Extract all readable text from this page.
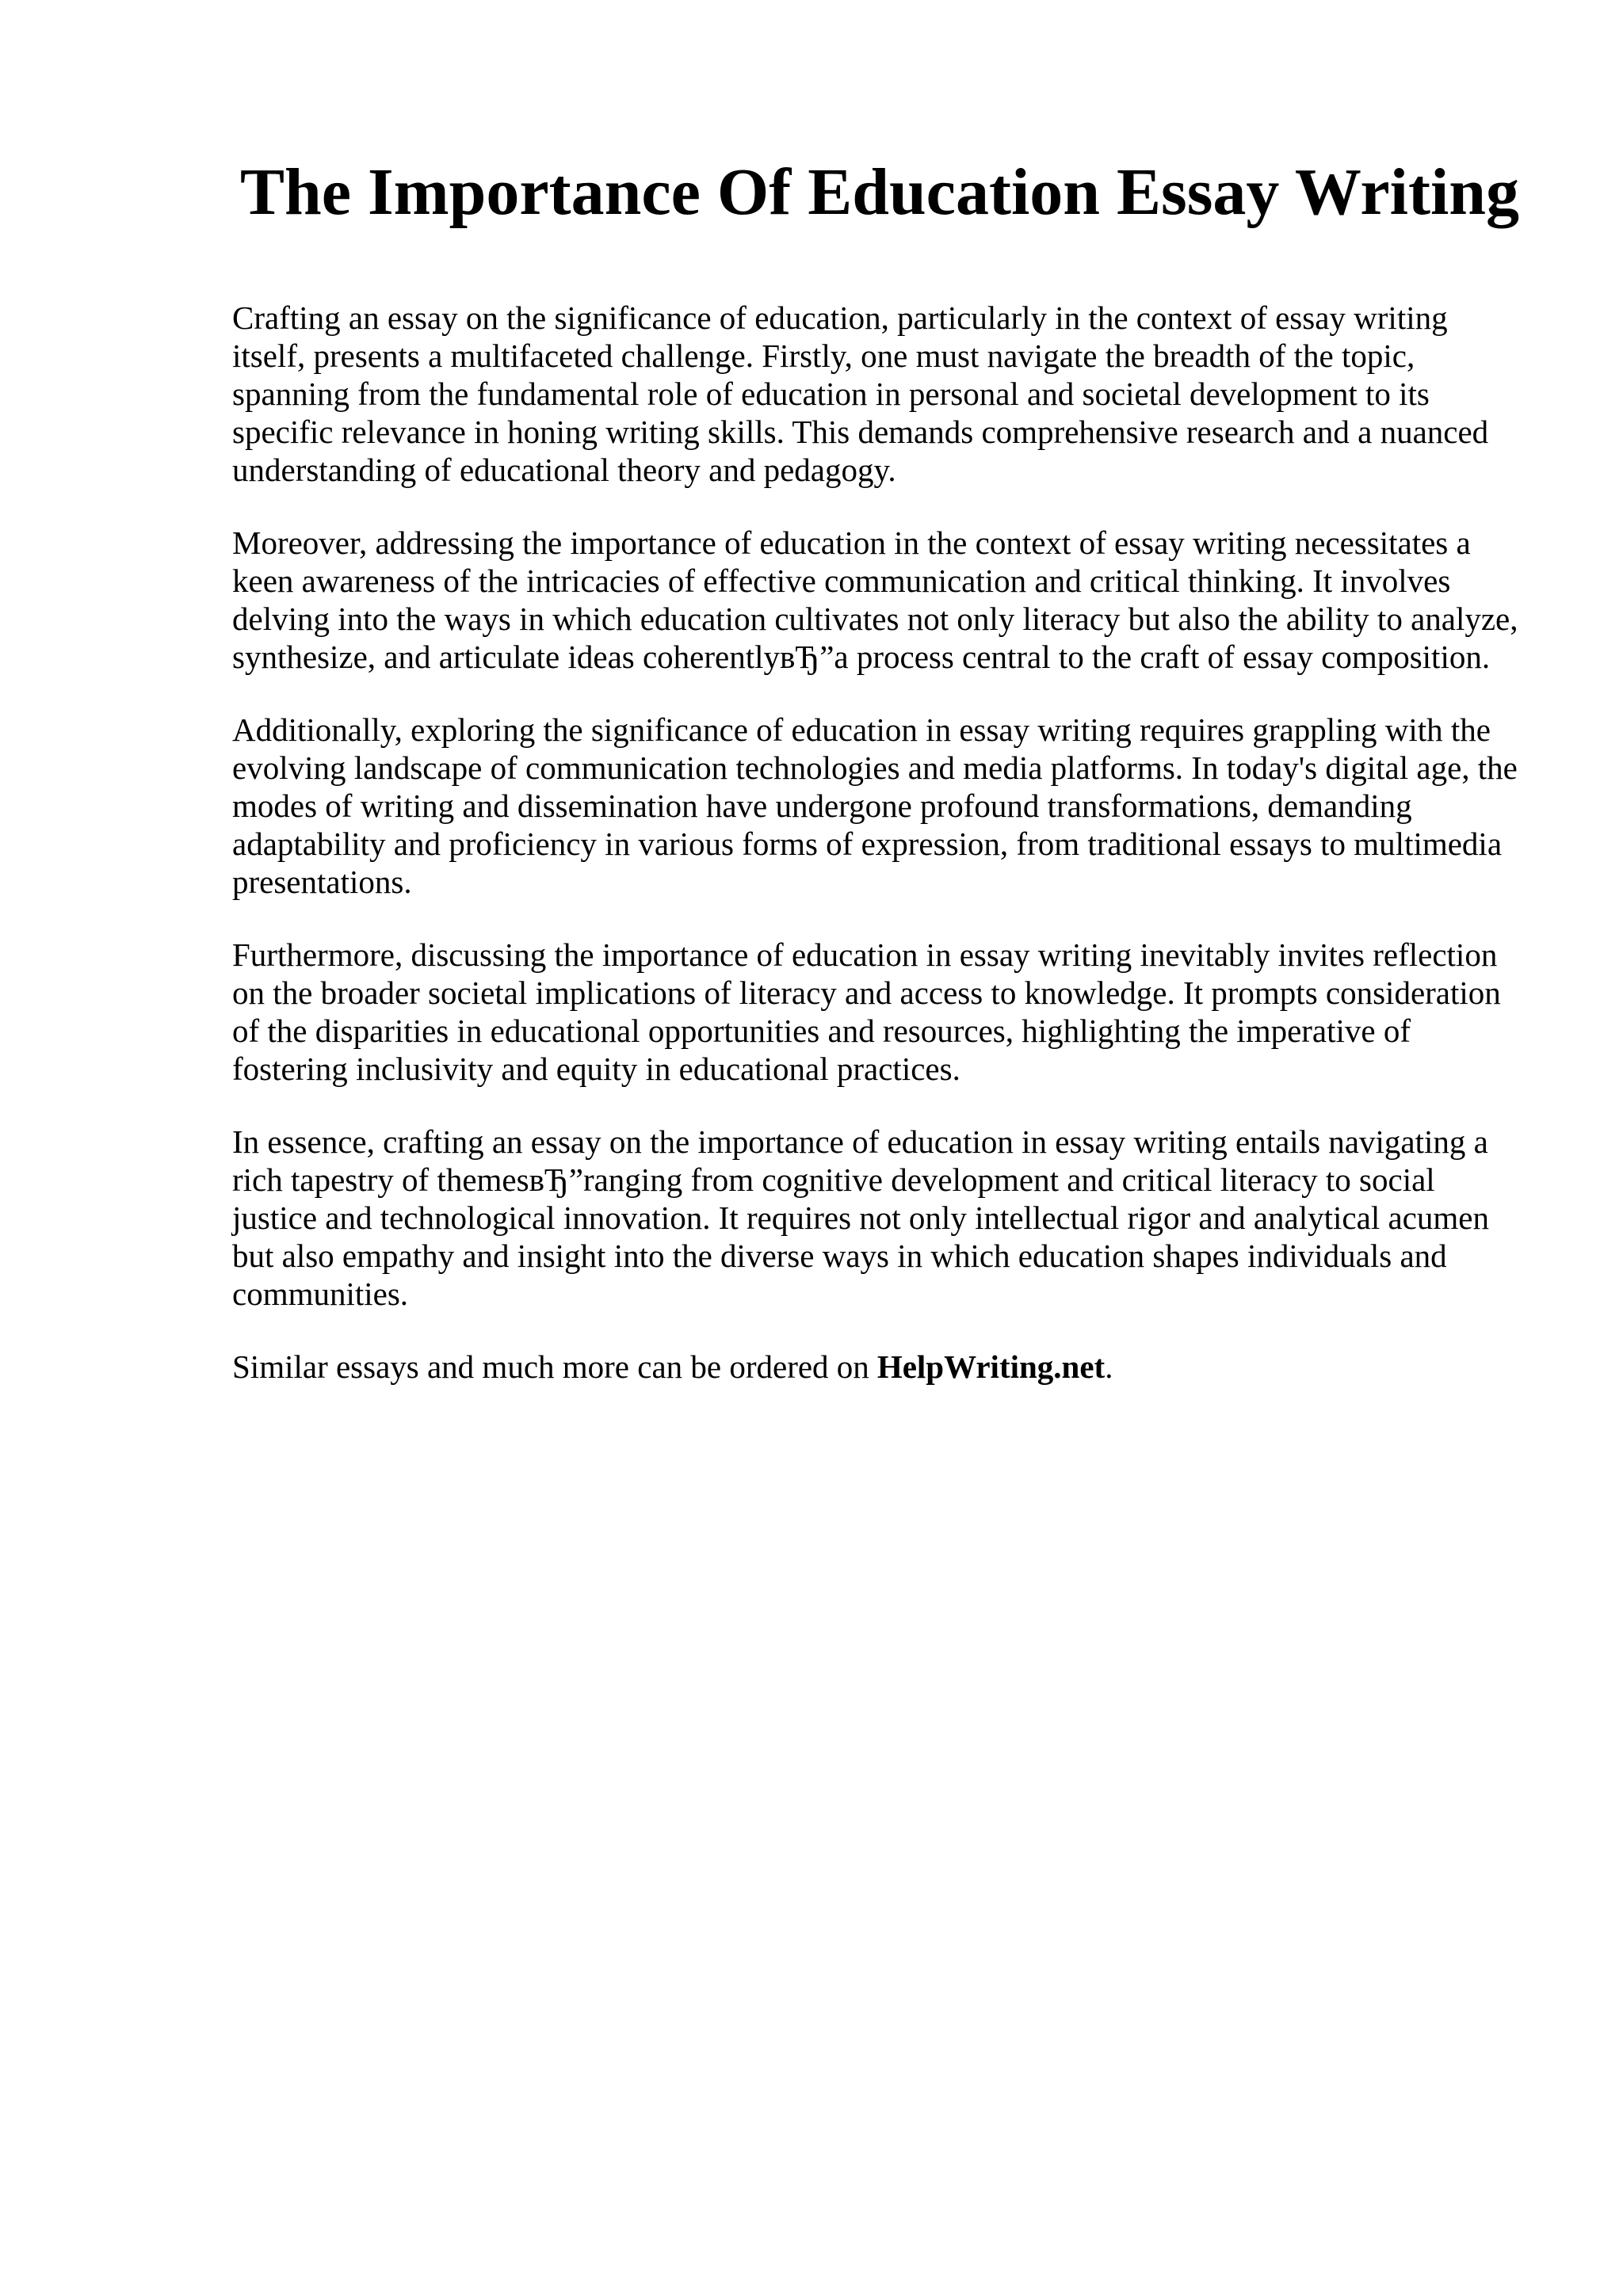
The Importance Of Education Essay Writing

Crafting an essay on the significance of education, particularly in the context of essay writing itself, presents a multifaceted challenge. Firstly, one must navigate the breadth of the topic, spanning from the fundamental role of education in personal and societal development to its specific relevance in honing writing skills. This demands comprehensive research and a nuanced understanding of educational theory and pedagogy.

Moreover, addressing the importance of education in the context of essay writing necessitates a keen awareness of the intricacies of effective communication and critical thinking. It involves delving into the ways in which education cultivates not only literacy but also the ability to analyze, synthesize, and articulate ideas coherentlyвЂ”a process central to the craft of essay composition.

Additionally, exploring the significance of education in essay writing requires grappling with the evolving landscape of communication technologies and media platforms. In today's digital age, the modes of writing and dissemination have undergone profound transformations, demanding adaptability and proficiency in various forms of expression, from traditional essays to multimedia presentations.

Furthermore, discussing the importance of education in essay writing inevitably invites reflection on the broader societal implications of literacy and access to knowledge. It prompts consideration of the disparities in educational opportunities and resources, highlighting the imperative of fostering inclusivity and equity in educational practices.

In essence, crafting an essay on the importance of education in essay writing entails navigating a rich tapestry of themesвЂ”ranging from cognitive development and critical literacy to social justice and technological innovation. It requires not only intellectual rigor and analytical acumen but also empathy and insight into the diverse ways in which education shapes individuals and communities.

Similar essays and much more can be ordered on HelpWriting.net.
